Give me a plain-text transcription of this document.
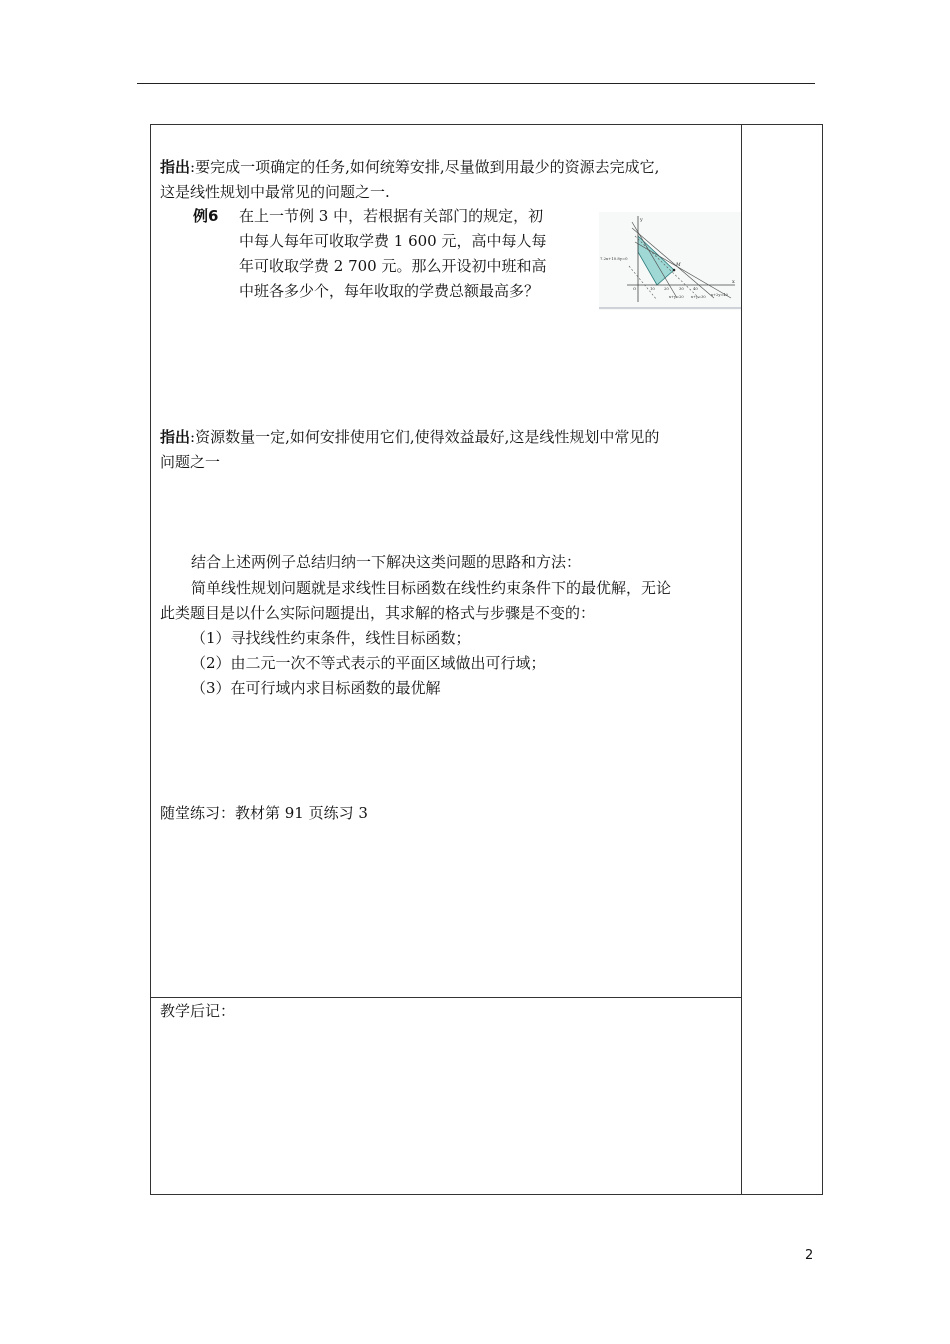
指出:要完成一项确定的任务,如何统筹安排,尽量做到用最少的资源去完成它,
这是线性规划中最常见的问题之一.
例6 在上一节例 3 中，若根据有关部门的规定，初
中每人每年可收取学费 1 600 元，高中每人每
年可收取学费 2 700 元。那么开设初中班和高
中班各多少个，每年收取的学费总额最高多？
y
x
O
M
7.2x+10.8y=0
10 20	30 40
x+y=20 x+y=30 x+2y=40
指出:资源数量一定,如何安排使用它们,使得效益最好,这是线性规划中常见的
问题之一
结合上述两例子总结归纳一下解决这类问题的思路和方法：
简单线性规划问题就是求线性目标函数在线性约束条件下的最优解，无论
此类题目是以什么实际问题提出，其求解的格式与步骤是不变的：
（1）寻找线性约束条件，线性目标函数；
（2）由二元一次不等式表示的平面区域做出可行域；
（3）在可行域内求目标函数的最优解
随堂练习：教材第 91 页练习 3
教学后记：
2
